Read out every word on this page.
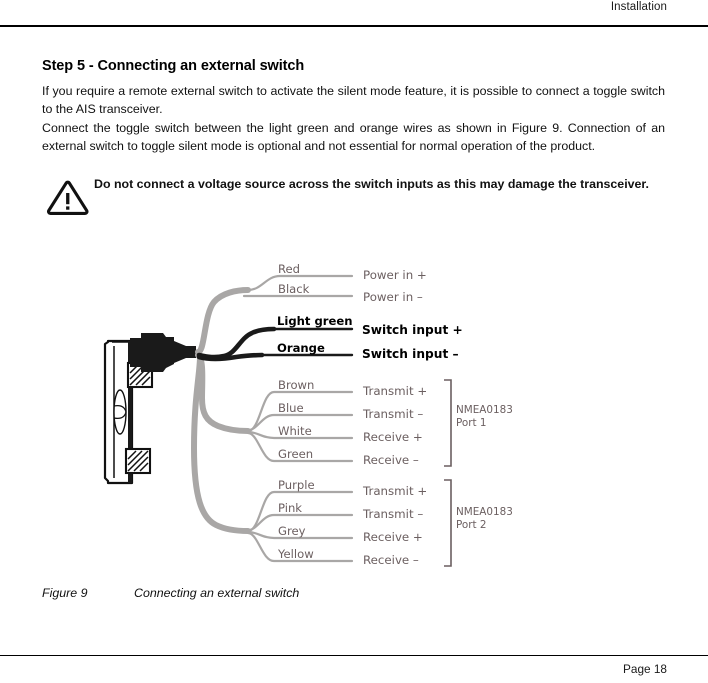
Installation
Step 5 - Connecting an external switch
If you require a remote external switch to activate the silent mode feature, it is possible to connect a toggle switch to the AIS transceiver.
Connect the toggle switch between the light green and orange wires as shown in Figure 9. Connection of an external switch to toggle silent mode is optional and not essential for normal operation of the product.
Do not connect a voltage source across the switch inputs as this may damage the transceiver.
Red
Black
Light green
Orange
Brown
Blue
White
Green
Purple
Pink
Grey
Yellow
Power in +
Power in –
Switch input +
Switch input –
Transmit +
Transmit –
Receive +
Receive –
Transmit +
Transmit –
Receive +
Receive –
NMEA0183
Port 1
NMEA0183
Port 2
Figure 9	Connecting an external switch
Page 18
